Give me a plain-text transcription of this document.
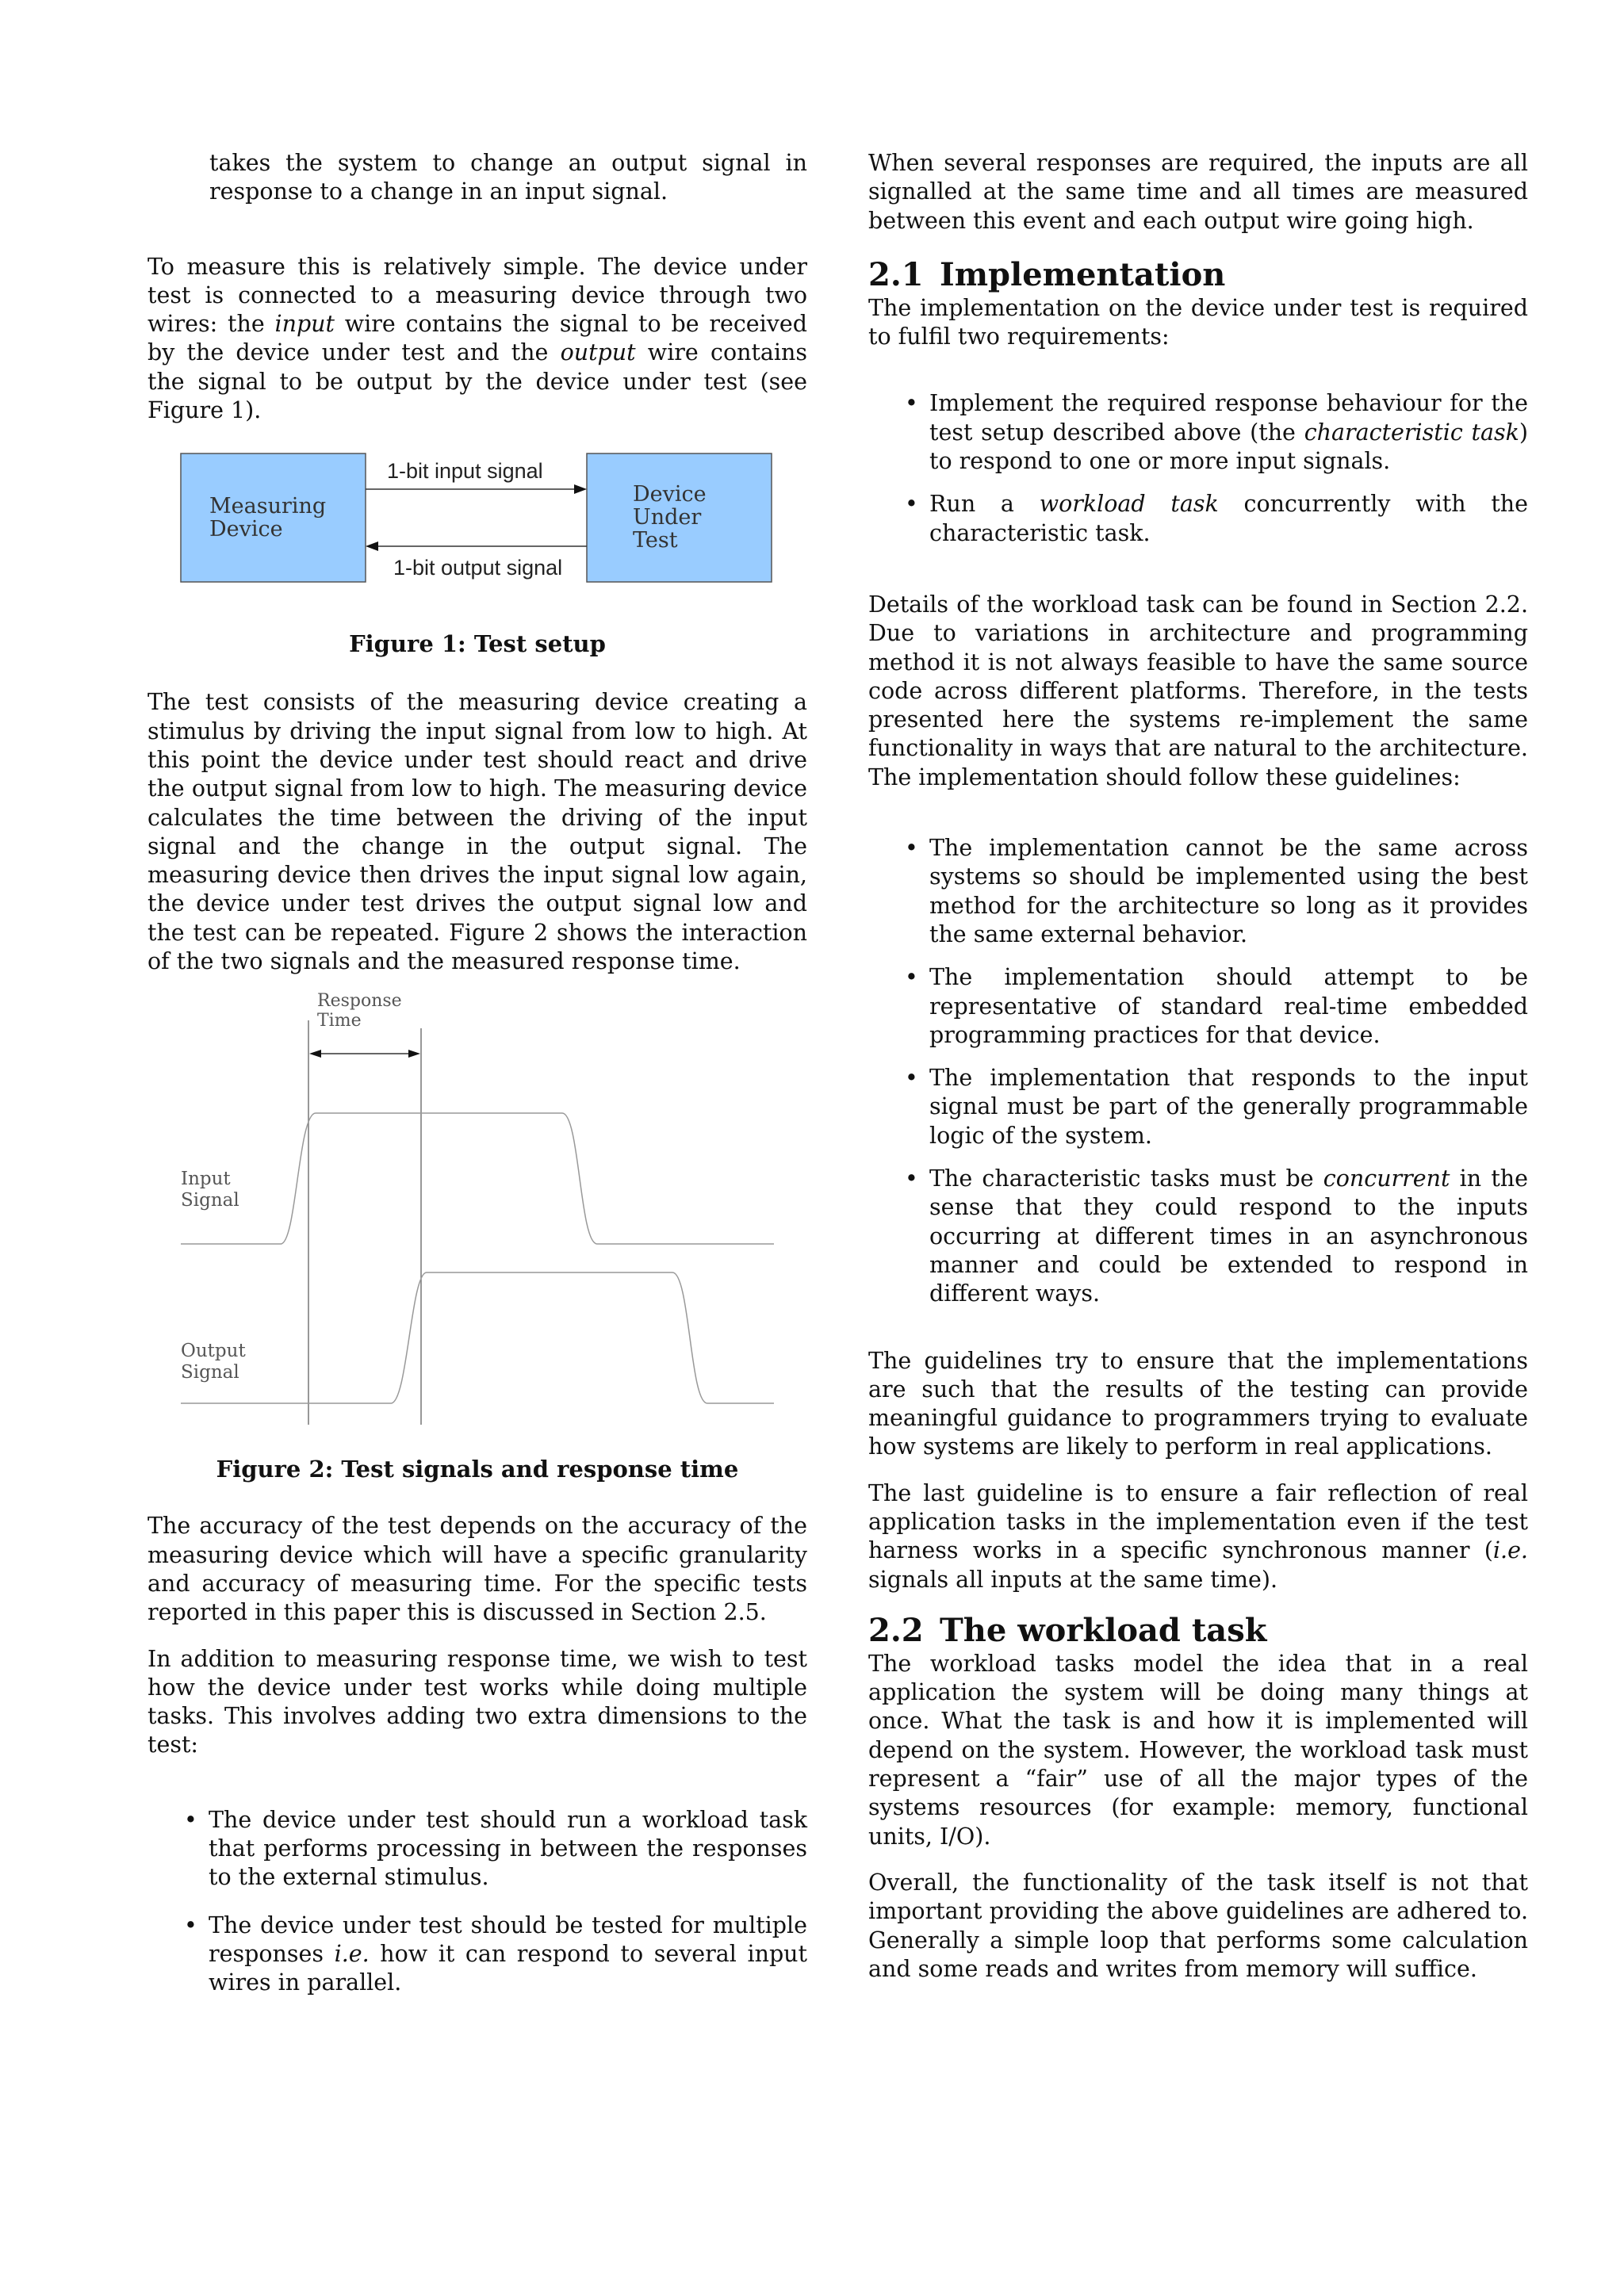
takes the system to change an output signal in response to a change in an input signal.

To measure this is relatively simple. The device under test is connected to a measuring device through two wires: the input wire contains the signal to be received by the device under test and the output wire contains the signal to be output by the device under test (see Figure 1).

Measuring
Device
Device
Under
Test
1-bit input signal
1-bit output signal

Figure 1: Test setup

The test consists of the measuring device creating a stimulus by driving the input signal from low to high. At this point the device under test should react and drive the output signal from low to high. The measuring device calculates the time between the driving of the input signal and the change in the output signal. The measuring device then drives the input signal low again, the device under test drives the output signal low and the test can be repeated. Figure 2 shows the interaction of the two signals and the measured response time.

Response
Time
Input
Signal
Output
Signal

Figure 2: Test signals and response time

The accuracy of the test depends on the accuracy of the measuring device which will have a specific granularity and accuracy of measuring time. For the specific tests reported in this paper this is discussed in Section 2.5.

In addition to measuring response time, we wish to test how the device under test works while doing multiple tasks. This involves adding two extra dimensions to the test:

• The device under test should run a workload task that performs processing in between the responses to the external stimulus.
• The device under test should be tested for multiple responses i.e. how it can respond to several input wires in parallel.

When several responses are required, the inputs are all signalled at the same time and all times are measured between this event and each output wire going high.

2.1 Implementation

The implementation on the device under test is required to fulfil two requirements:

• Implement the required response behaviour for the test setup described above (the characteristic task) to respond to one or more input signals.
• Run a workload task concurrently with the characteristic task.

Details of the workload task can be found in Section 2.2. Due to variations in architecture and programming method it is not always feasible to have the same source code across different platforms. Therefore, in the tests presented here the systems re-implement the same functionality in ways that are natural to the architecture. The implementation should follow these guidelines:

• The implementation cannot be the same across systems so should be implemented using the best method for the architecture so long as it provides the same external behavior.
• The implementation should attempt to be representative of standard real-time embedded programming practices for that device.
• The implementation that responds to the input signal must be part of the generally programmable logic of the system.
• The characteristic tasks must be concurrent in the sense that they could respond to the inputs occurring at different times in an asynchronous manner and could be extended to respond in different ways.

The guidelines try to ensure that the implementations are such that the results of the testing can provide meaningful guidance to programmers trying to evaluate how systems are likely to perform in real applications.

The last guideline is to ensure a fair reflection of real application tasks in the implementation even if the test harness works in a specific synchronous manner (i.e. signals all inputs at the same time).

2.2 The workload task

The workload tasks model the idea that in a real application the system will be doing many things at once. What the task is and how it is implemented will depend on the system. However, the workload task must represent a “fair” use of all the major types of the systems resources (for example: memory, functional units, I/O).

Overall, the functionality of the task itself is not that important providing the above guidelines are adhered to. Generally a simple loop that performs some calculation and some reads and writes from memory will suffice.
